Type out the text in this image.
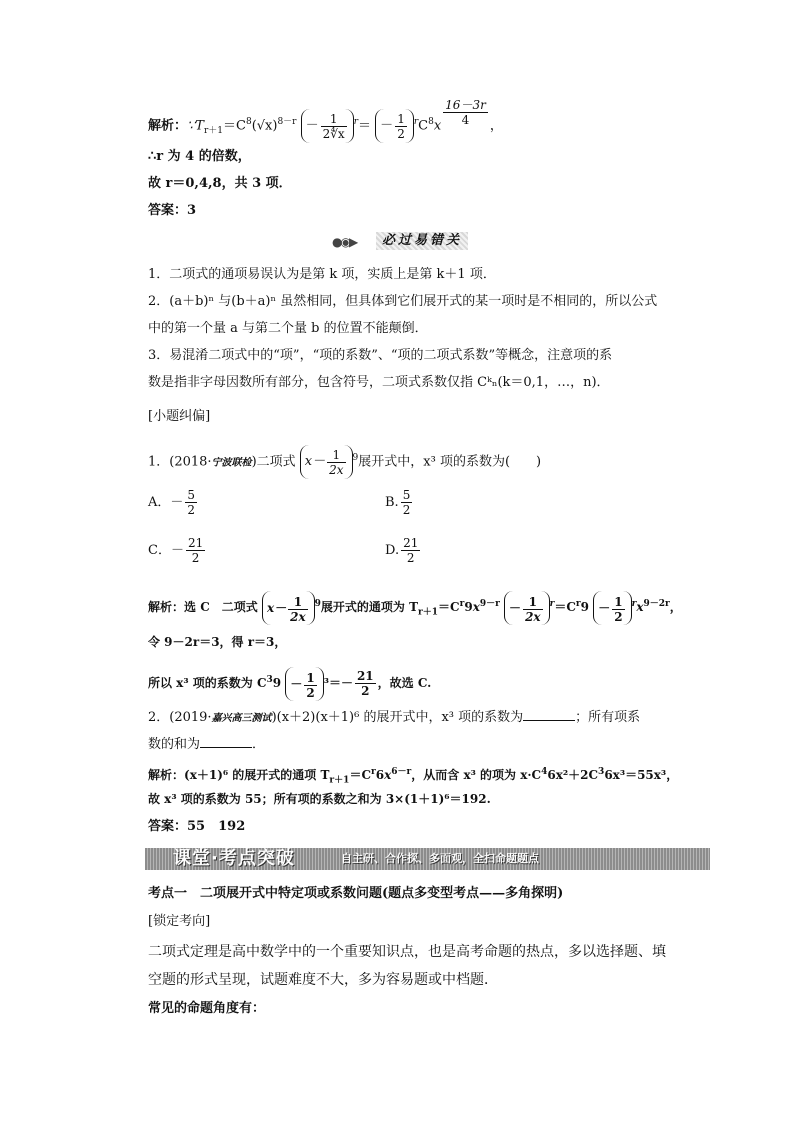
解析：$\because T_{r+1}=C^8(√x)^{8-r} - \frac{1}{2∜x} ^r= - \frac{1}{2} ^rC^8x \frac{16-3r}{4}$ ，
∴r 为 4 的倍数，
故 r＝0,4,8，共 3 项．
答案：3
●◉▶	必过易错关
1．二项式的通项易误认为是第 k 项，实质上是第 k＋1 项．
2．(a＋b)ⁿ 与(b＋a)ⁿ 虽然相同，但具体到它们展开式的某一项时是不相同的，所以公式
中的第一个量 a 与第二个量 b 的位置不能颠倒．
3．易混淆二项式中的“项”，“项的系数”、“项的二项式系数”等概念，注意项的系
数是指非字母因数所有部分，包含符号，二项式系数仅指 Cᵏₙ(k＝0,1，…，n)．
[小题纠偏]
1．(2018·宁波联检)二项式 $x- \frac{1}{2x} ^9$展开式中，x³ 项的系数为(　　)
A．－ $\frac{5}{2}$	B. $\frac{5}{2}$
C．－ $\frac{21}{2}$	D. $\frac{21}{2}$
解析：选 C　二项式 $x- \frac{1}{2x} ^9$展开式的通项为 $T_{r+1}=C^r9x^{9-r} - \frac{1}{2x} ^r=C^r9 - \frac{1}{2} ^rx^{9-2r}$，
令 9－2r＝3，得 r＝3，
所以 x³ 项的系数为 $C^39 - \frac{1}{2} ^3=- \frac{21}{2}$ ，故选 C.
2．(2019·嘉兴高三测试)(x＋2)(x＋1)⁶ 的展开式中，x³ 项的系数为	；所有项系
数的和为	．
解析：(x＋1)⁶ 的展开式的通项 $T_{r+1}=C^r6x^{6-r}$，从而含 x³ 的项为 $x\cdot C^46x^2+2C^36x^3=55x^3$，
故 x³ 项的系数为 55；所有项的系数之和为 3×(1＋1)⁶＝192.
答案：55　192
课堂·考点突破	自主研、合作探、多面观，全扫命题题点
考点一　二项展开式中特定项或系数问题(题点多变型考点——多角探明)
[锁定考向]
二项式定理是高中数学中的一个重要知识点，也是高考命题的热点，多以选择题、填
空题的形式呈现，试题难度不大，多为容易题或中档题．
常见的命题角度有：
